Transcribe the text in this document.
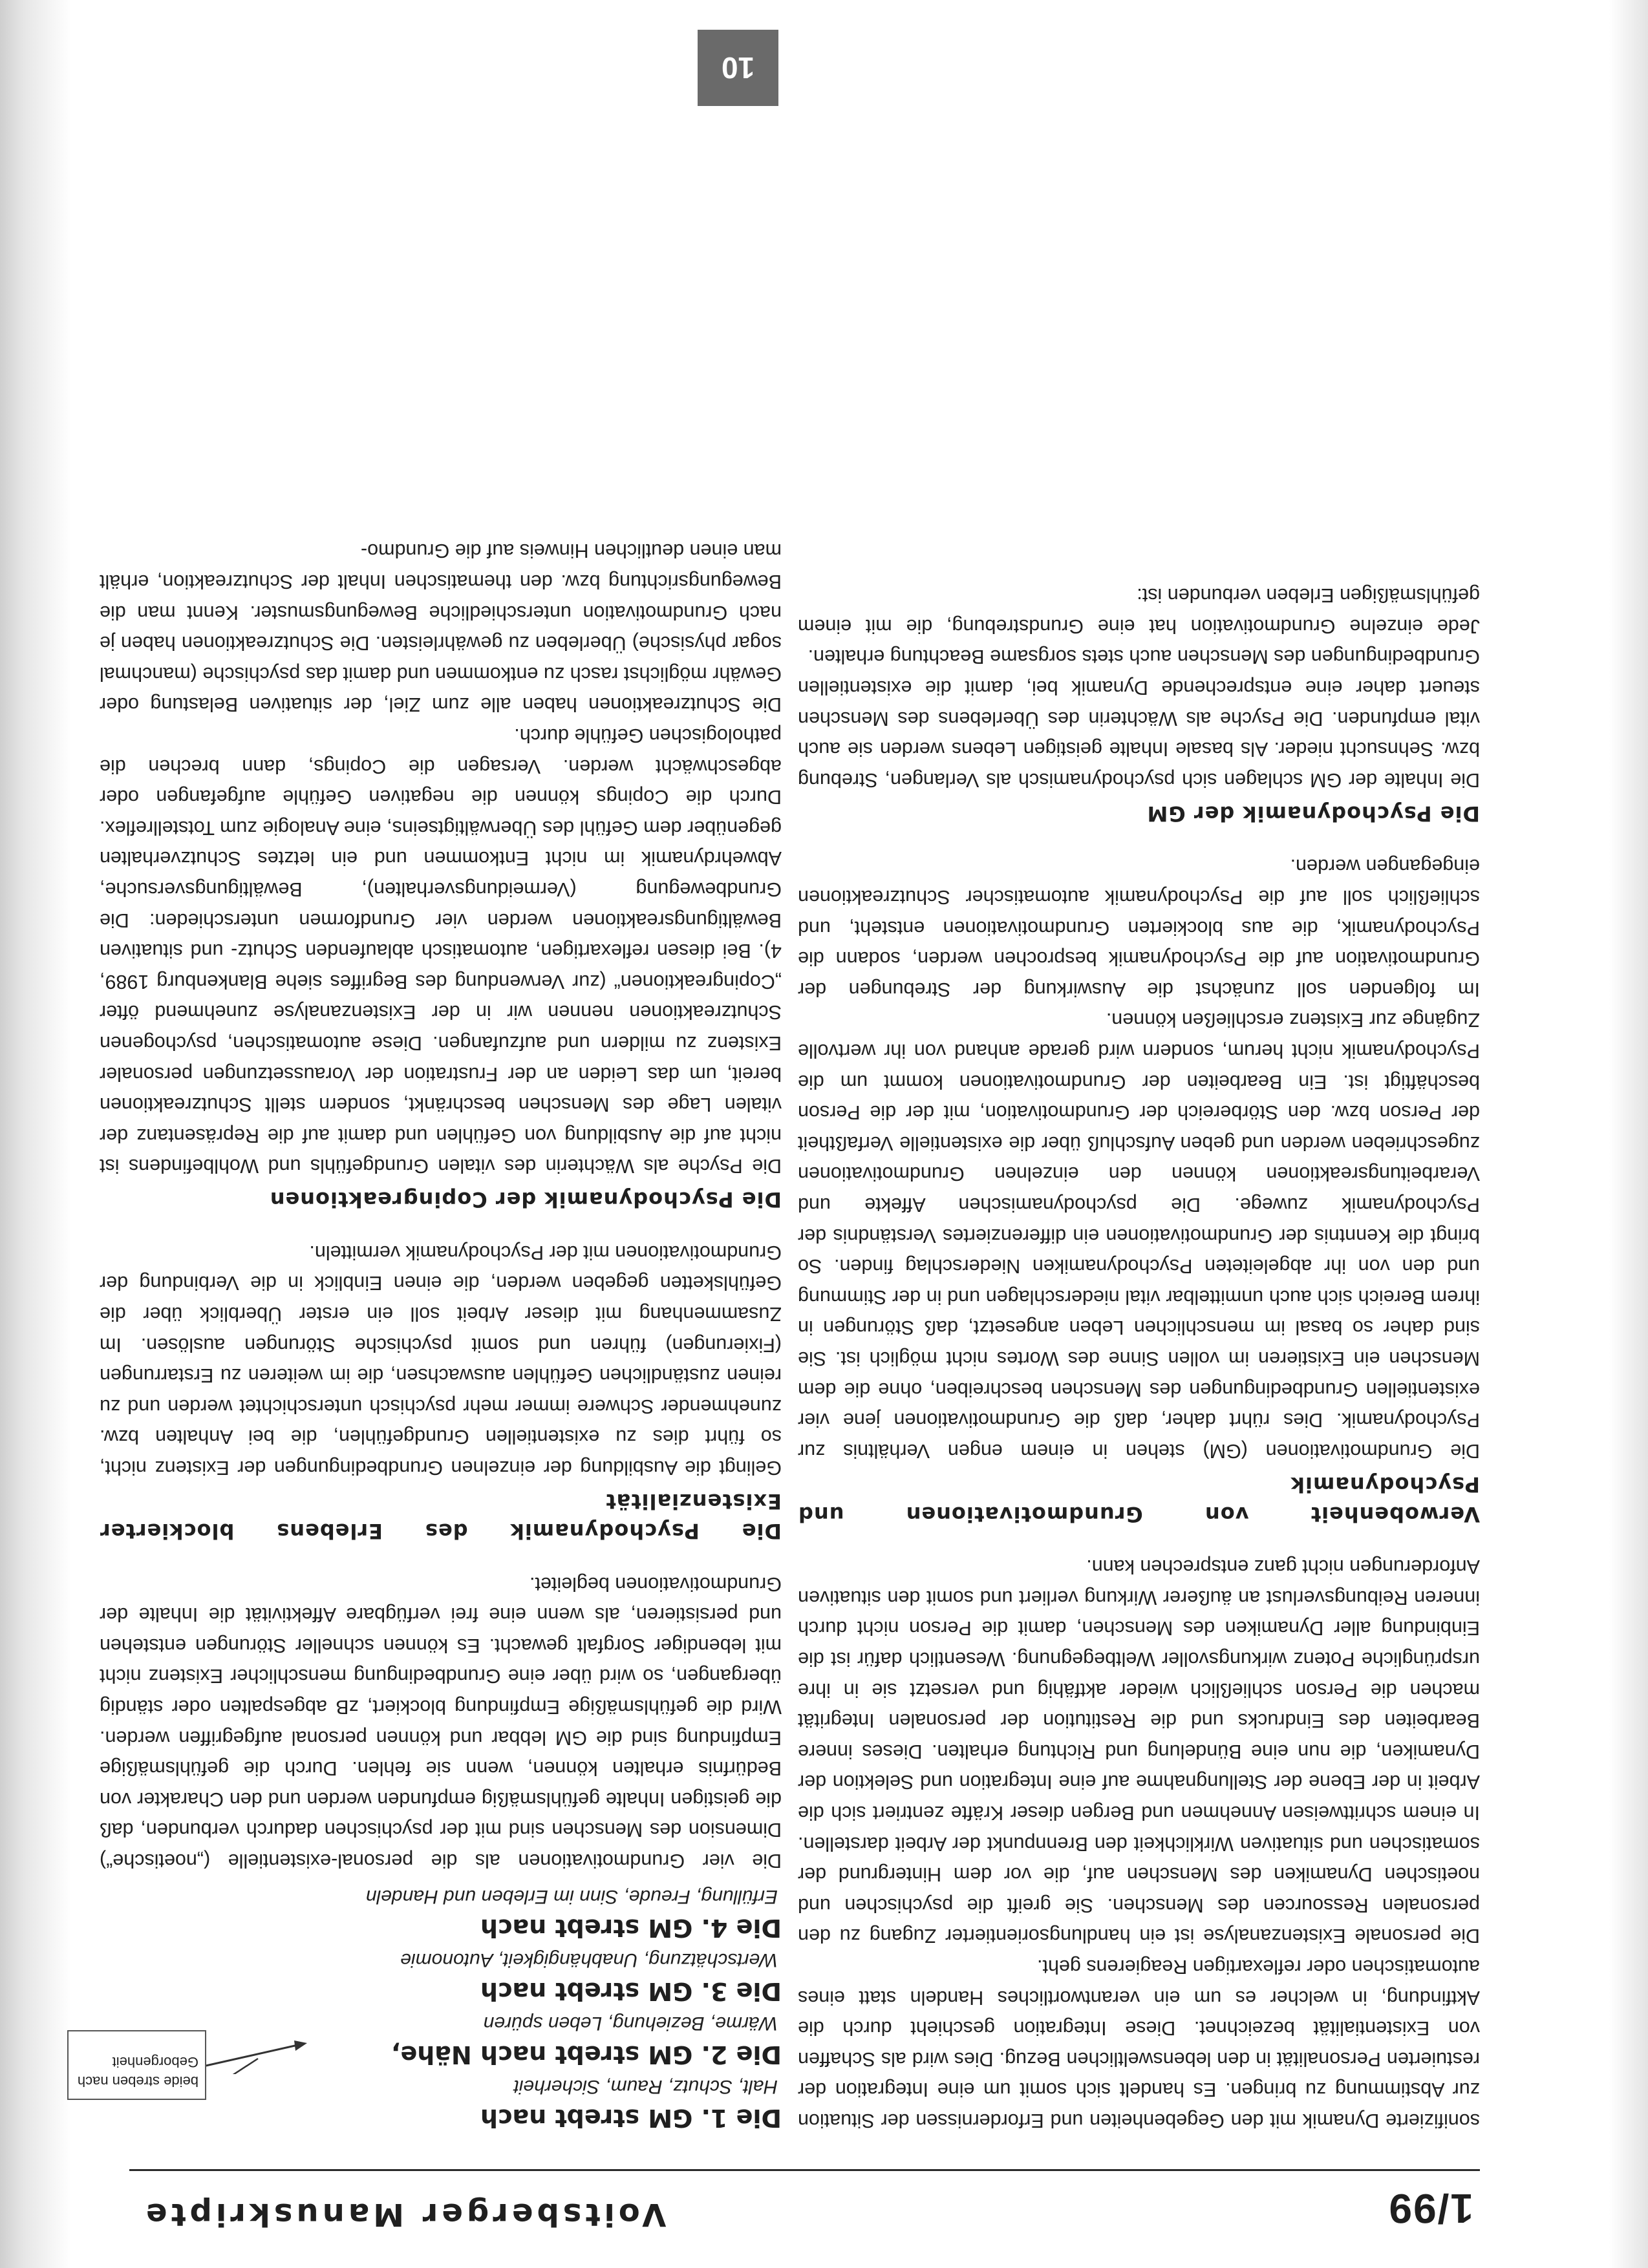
1/99
Voitsberger Manuskripte

sonifizierte Dynamik mit den Gegebenheiten und Erfordernissen der Situation zur Abstimmung zu bringen. Es handelt sich somit um eine Integration der restuierten Personalität in den lebensweltlichen Bezug. Dies wird als Schaffen von Existentialität bezeichnet. Diese Integration geschieht durch die Aktfindung, in welcher es um ein verantwortliches Handeln statt eines automatischen oder reflexartigen Reagierens geht.

Die personale Existenzanalyse ist ein handlungsorientierter Zugang zu den personalen Ressourcen des Menschen. Sie greift die psychischen und noetischen Dynamiken des Menschen auf, die vor dem Hintergrund der somatischen und situativen Wirklichkeit den Brennpunkt der Arbeit darstellen. In einem schrittweisen Annehmen und Bergen dieser Kräfte zentriert sich die Arbeit in der Ebene der Stellungnahme auf eine Integration und Selektion der Dynamiken, die nun eine Bündelung und Richtung erhalten. Dieses innere Bearbeiten des Eindrucks und die Restitution der personalen Integrität machen die Person schließlich wieder aktfähig und versetzt sie in ihre ursprüngliche Potenz wirkungsvoller Weltbegegnung. Wesentlich dafür ist die Einbindung aller Dynamiken des Menschen, damit die Person nicht durch inneren Reibungsverlust an äußerer Wirkung verliert und somit den situativen Anforderungen nicht ganz entsprechen kann.

Verwobenheit von Grundmotivationen und Psychodynamik

Die Grundmotivationen (GM) stehen in einem engen Verhältnis zur Psychodynamik. Dies rührt daher, daß die Grundmotivationen jene vier existentiellen Grundbedingungen des Menschen beschreiben, ohne die dem Menschen ein Existieren im vollen Sinne des Wortes nicht möglich ist. Sie sind daher so basal im menschlichen Leben angesetzt, daß Störungen in ihrem Bereich sich auch unmittelbar vital niederschlagen und in der Stimmung und den von ihr abgeleiteten Psychodynamiken Niederschlag finden. So bringt die Kenntnis der Grundmotivationen ein differenziertes Verständnis der Psychodynamik zuwege. Die psychodynamischen Affekte und Verarbeitungsreaktionen können den einzelnen Grundmotivationen zugeschrieben werden und geben Aufschluß über die existentielle Verfaßtheit der Person bzw. den Störbereich der Grundmotivation, mit der die Person beschäftigt ist. Ein Bearbeiten der Grundmotivationen kommt um die Psychodynamik nicht herum, sondern wird gerade anhand von ihr wertvolle Zugänge zur Existenz erschließen können.

Im folgenden soll zunächst die Auswirkung der Strebungen der Grundmotivation auf die Psychodynamik besprochen werden, sodann die Psychodynamik, die aus blockierten Grundmotivationen entsteht, und schließlich soll auf die Psychodynamik automatischer Schutzreaktionen eingegangen werden.

Die Psychodynamik der GM

Die Inhalte der GM schlagen sich psychodynamisch als Verlangen, Strebung bzw. Sehnsucht nieder. Als basale Inhalte geistigen Lebens werden sie auch vital empfunden. Die Psyche als Wächterin des Überlebens des Menschen steuert daher eine entsprechende Dynamik bei, damit die existentiellen Grundbedingungen des Menschen auch stets sorgsame Beachtung erhalten.

Jede einzelne Grundmotivation hat eine Grundstrebung, die mit einem gefühlsmäßigen Erleben verbunden ist:

Die 1. GM strebt nach
Halt, Schutz, Raum, Sicherheit
Die 2. GM strebt nach Nähe,
Wärme, Beziehung, Leben spüren
Die 3. GM strebt nach
Wertschätzung, Unabhängigkeit, Autonomie
Die 4. GM strebt nach
Erfüllung, Freude, Sinn im Erleben und Handeln

Die vier Grundmotivationen als die personal-existentielle („noetische“) Dimension des Menschen sind mit der psychischen dadurch verbunden, daß die geistigen Inhalte gefühlsmäßig empfunden werden und den Charakter von Bedürfnis erhalten können, wenn sie fehlen. Durch die gefühlsmäßige Empfindung sind die GM lebbar und können personal aufgegriffen werden. Wird die gefühlsmäßige Empfindung blockiert, zB abgespalten oder ständig übergangen, so wird über eine Grundbedingung menschlicher Existenz nicht mit lebendiger Sorgfalt gewacht. Es können schneller Störungen entstehen und persistieren, als wenn eine frei verfügbare Affektivität die Inhalte der Grundmotivationen begleitet.

Die Psychodynamik des Erlebens blockierter Existenzialität

Gelingt die Ausbildung der einzelnen Grundbedingungen der Existenz nicht, so führt dies zu existentiellen Grundgefühlen, die bei Anhalten bzw. zunehmender Schwere immer mehr psychisch unterschichtet werden und zu reinen zuständlichen Gefühlen auswachsen, die im weiteren zu Erstarrungen (Fixierungen) führen und somit psychische Störungen auslösen. Im Zusammenhang mit dieser Arbeit soll ein erster Überblick über die Gefühlsketten gegeben werden, die einen Einblick in die Verbindung der Grundmotivationen mit der Psychodynamik vermitteln.

Die Psychodynamik der Copingreaktionen

Die Psyche als Wächterin des vitalen Grundgefühls und Wohlbefindens ist nicht auf die Ausbildung von Gefühlen und damit auf die Repräsentanz der vitalen Lage des Menschen beschränkt, sondern stellt Schutzreaktionen bereit, um das Leiden an der Frustration der Voraussetzungen personaler Existenz zu mildern und aufzufangen. Diese automatischen, psychogenen Schutzreaktionen nennen wir in der Existenzanalyse zunehmend öfter „Copingreaktionen“ (zur Verwendung des Begriffes siehe Blankenburg 1989, 4). Bei diesen reflexartigen, automatisch ablaufenden Schutz- und situativen Bewältigungsreaktionen werden vier Grundformen unterschieden: Die Grundbewegung (Vermeidungsverhalten), Bewältigungsversuche, Abwehrdynamik im nicht Entkommen und ein letztes Schutzverhalten gegenüber dem Gefühl des Überwältigtseins, eine Analogie zum Totstellreflex. Durch die Copings können die negativen Gefühle aufgefangen oder abgeschwächt werden. Versagen die Copings, dann brechen die pathologischen Gefühle durch.

Die Schutzreaktionen haben alle zum Ziel, der situativen Belastung oder Gewähr möglichst rasch zu entkommen und damit das psychische (manchmal sogar physische) Überleben zu gewährleisten. Die Schutzreaktionen haben je nach Grundmotivation unterschiedliche Bewegungsmuster. Kennt man die Bewegungsrichtung bzw. den thematischen Inhalt der Schutzreaktion, erhält man einen deutlichen Hinweis auf die Grundmo-

beide streben nach Geborgenheit
10
